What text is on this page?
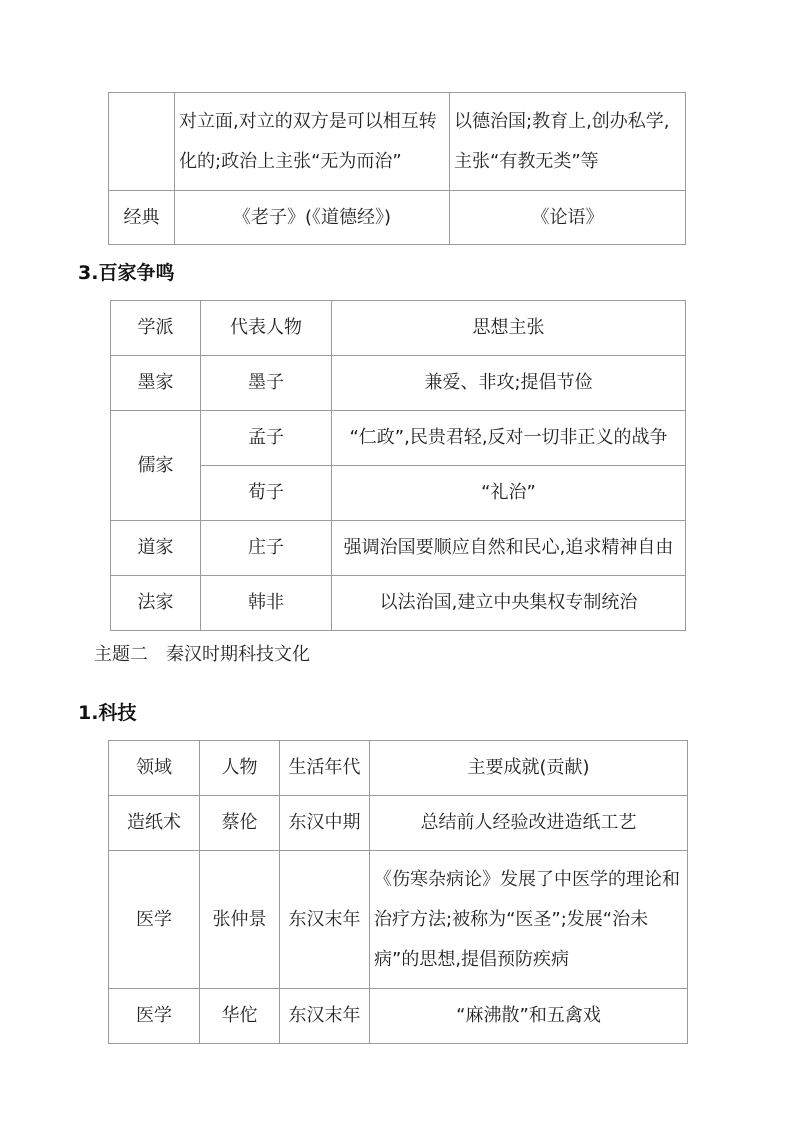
	对立面,对立的双方是可以相互转化的;政治上主张“无为而治”	以德治国;教育上,创办私学,主张“有教无类”等
经典	《老子》(《道德经》)	《论语》
3.百家争鸣
学派	代表人物	思想主张
墨家	墨子	兼爱、非攻;提倡节俭
儒家	孟子	“仁政”,民贵君轻,反对一切非正义的战争
	荀子	“礼治”
道家	庄子	强调治国要顺应自然和民心,追求精神自由
法家	韩非	以法治国,建立中央集权专制统治
主题二 秦汉时期科技文化
1.科技
领域	人物	生活年代	主要成就(贡献)
造纸术	蔡伦	东汉中期	总结前人经验改进造纸工艺
医学	张仲景	东汉末年	《伤寒杂病论》发展了中医学的理论和治疗方法;被称为“医圣”;发展“治未病”的思想,提倡预防疾病
医学	华佗	东汉末年	“麻沸散”和五禽戏
